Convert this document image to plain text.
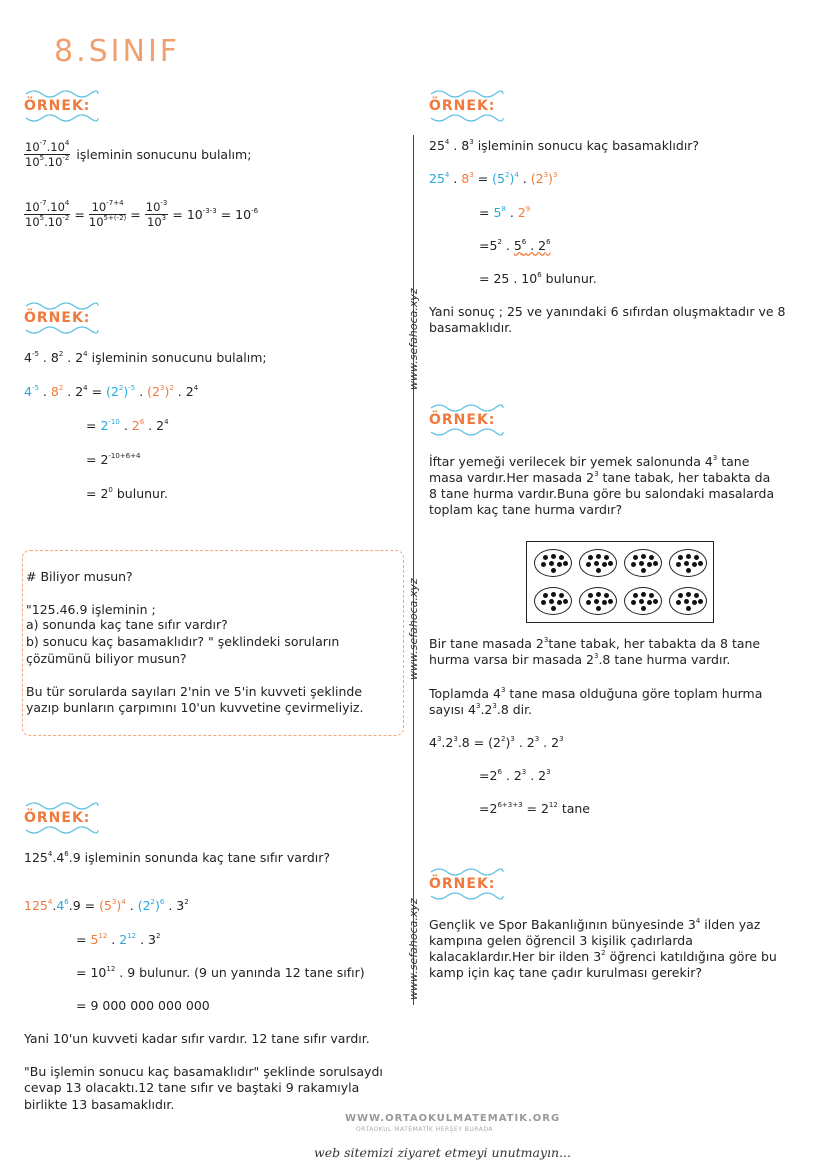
8.SINIF
www.sefahoca.xyz
www.sefahoca.xyz
www.sefahoca.xyz
ÖRNEK:
$\frac{10^{-7}.10^4}{10^5.10^{-2}}$ işleminin sonucunu bulalım;
$\frac{10^{-7}.10^4}{10^5.10^{-2}} = \frac{10^{-7+4}}{10^{5+(-2)}} = \frac{10^{-3}}{10^3} = 10^{-3-3} = 10^{-6}$
ÖRNEK:
$4^{-5}$ . $8^2$ . $2^4$ işleminin sonucunu bulalım;
$4^{-5}$ . $8^2$ . $2^4 = (2^2)^{-5}$ . $(2^3)^2$ . $2^4$
= $2^{-10}$ . $2^6$ . $2^4$
= $2^{-10+6+4}$
= $2^0$ bulunur.
# Biliyor musun?
"125.46.9 işleminin ;
a) sonunda kaç tane sıfır vardır?
b) sonucu kaç basamaklıdır? " şeklindeki soruların
çözümünü biliyor musun?
Bu tür sorularda sayıları 2'nin ve 5'in kuvveti şeklinde
yazıp bunların çarpımını 10'un kuvvetine çevirmeliyiz.
ÖRNEK:
$125^4.4^6.9$ işleminin sonunda kaç tane sıfır vardır?
$125^4.4^6.9 = (5^3)^4$ . $(2^2)^6$ . $3^2$
= $5^{12}$ . $2^{12}$ . $3^2$
= $10^{12}$ . 9 bulunur. (9 un yanında 12 tane sıfır)
= 9 000 000 000 000
Yani 10'un kuvveti kadar sıfır vardır. 12 tane sıfır vardır.
"Bu işlemin sonucu kaç basamaklıdır" şeklinde sorulsaydı
cevap 13 olacaktı.12 tane sıfır ve baştaki 9 rakamıyla
birlikte 13 basamaklıdır.
ÖRNEK:
$25^4$ . $8^3$ işleminin sonucu kaç basamaklıdır?
$25^4$ . $8^3 = (5^2)^4$ . $(2^3)^3$
= $5^8$ . $2^9$
$=5^2$ . $5^6$ . $2^6$
= 25 . $10^6$ bulunur.
Yani sonuç ; 25 ve yanındaki 6 sıfırdan oluşmaktadır ve 8
basamaklıdır.
ÖRNEK:
İftar yemeği verilecek bir yemek salonunda $4^3$ tane
masa vardır.Her masada $2^3$ tane tabak, her tabakta da
8 tane hurma vardır.Buna göre bu salondaki masalarda
toplam kaç tane hurma vardır?
Bir tane masada $2^3\tan e$ tabak, her tabakta da 8 tane
hurma varsa bir masada $2^3.8$ tane hurma vardır.
Toplamda $4^3$ tane masa olduğuna göre toplam hurma
sayısı $4^3.2^3.8$ dir.
$4^3.2^3.8 = (2^2)^3$ . $2^3$ . $2^3$
$=2^6$ . $2^3$ . $2^3$
$=2^{6+3+3} = 2^{12}$ tane
ÖRNEK:
Gençlik ve Spor Bakanlığının bünyesinde $3^4$ ilden yaz
kampına gelen öğrencil 3 kişilik çadırlarda
kalacaklardır.Her bir ilden $3^2$ öğrenci katıldığına göre bu
kamp için kaç tane çadır kurulması gerekir?
WWW.ORTAOKULMATEMATIK.ORG
ORTAOKUL MATEMATİK HERŞEY BURADA
web sitemizi ziyaret etmeyi unutmayın...
